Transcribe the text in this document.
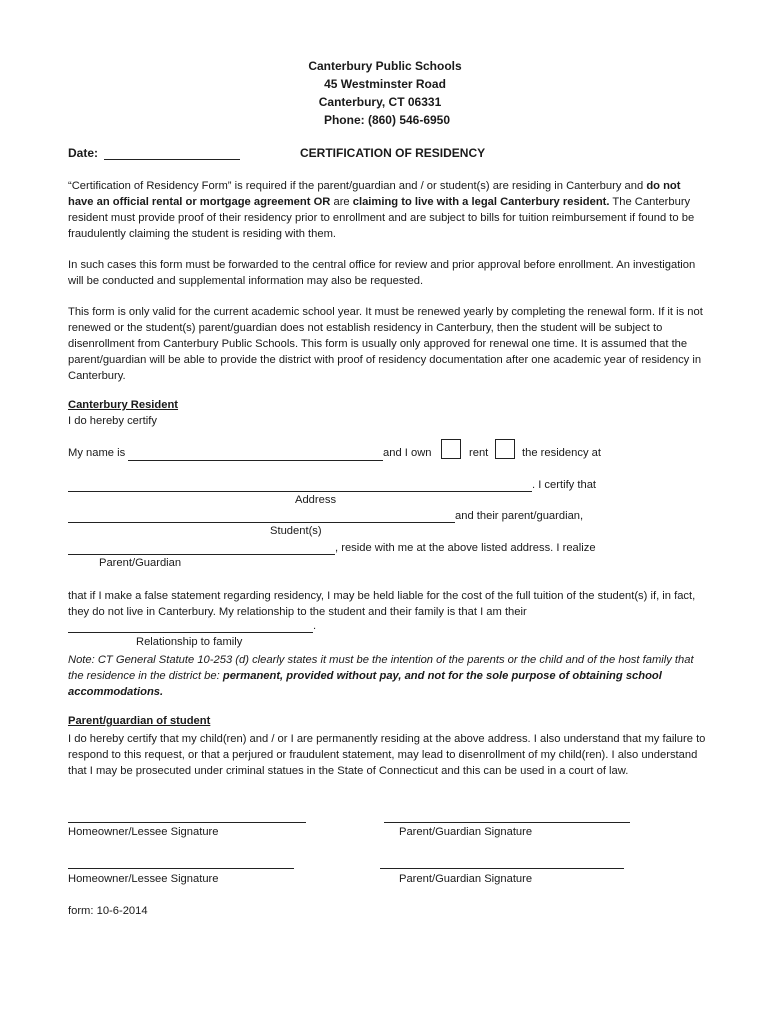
Canterbury Public Schools
45 Westminster Road
Canterbury, CT 06331
Phone: (860) 546-6950
Date:	CERTIFICATION OF RESIDENCY
“Certification of Residency Form” is required if the parent/guardian and / or student(s) are residing in Canterbury and do not have an official rental or mortgage agreement OR are claiming to live with a legal Canterbury resident. The Canterbury resident must provide proof of their residency prior to enrollment and are subject to bills for tuition reimbursement if found to be fraudulently claiming the student is residing with them.
In such cases this form must be forwarded to the central office for review and prior approval before enrollment. An investigation will be conducted and supplemental information may also be requested.
This form is only valid for the current academic school year. It must be renewed yearly by completing the renewal form. If it is not renewed or the student(s) parent/guardian does not establish residency in Canterbury, then the student will be subject to disenrollment from Canterbury Public Schools. This form is usually only approved for renewal one time. It is assumed that the parent/guardian will be able to provide the district with proof of residency documentation after one academic year of residency in Canterbury.
Canterbury Resident
I do hereby certify
My name is	and I own	rent	the residency at
. I certify that
Address
and their parent/guardian,
Student(s)
, reside with me at the above listed address. I realize
Parent/Guardian
that if I make a false statement regarding residency, I may be held liable for the cost of the full tuition of the student(s) if, in fact, they do not live in Canterbury. My relationship to the student and their family is that I am their
.
Relationship to family
Note: CT General Statute 10-253 (d) clearly states it must be the intention of the parents or the child and of the host family that the residence in the district be: permanent, provided without pay, and not for the sole purpose of obtaining school accommodations.
Parent/guardian of student
I do hereby certify that my child(ren) and / or I are permanently residing at the above address. I also understand that my failure to respond to this request, or that a perjured or fraudulent statement, may lead to disenrollment of my child(ren). I also understand that I may be prosecuted under criminal statues in the State of Connecticut and this can be used in a court of law.
Homeowner/Lessee Signature	Parent/Guardian Signature
Homeowner/Lessee Signature	Parent/Guardian Signature
form: 10-6-2014
